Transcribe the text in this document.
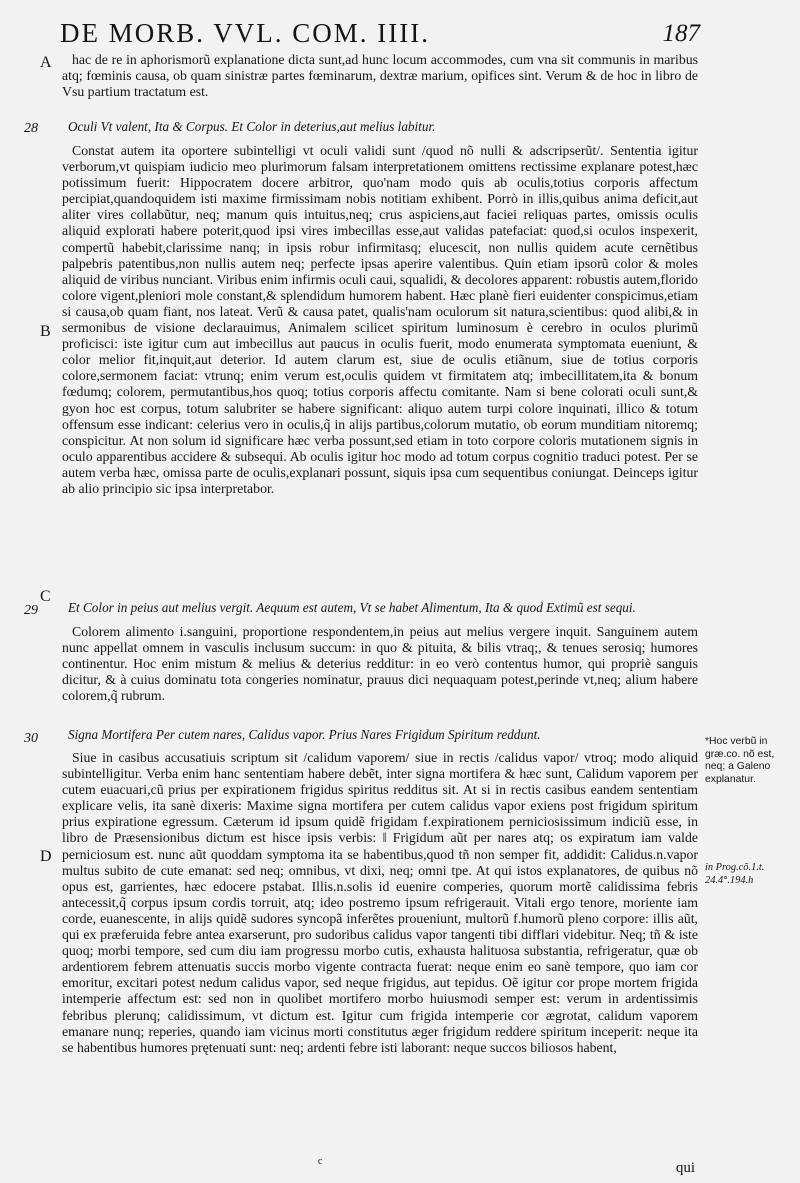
DE MORB. VVL. COM. IIII.	187
A	hac de re in aphorismorũ explanatione dicta sunt,ad hunc locum accommodes, cum vna sit communis in maribus atq; fœminis causa, ob quam sinistræ partes fœminarum, dextræ marium, opifices sint. Verum & de hoc in libro de Vsu partium tractatum est.

28 Oculi Vt valent, Ita & Corpus. Et Color in deterius,aut melius labitur.

B

Constat autem ita oportere subintelligi vt oculi validi sunt /quod nõ nulli & adscripserũt/. Sententia igitur verborum,vt quispiam iudicio meo plurimorum falsam interpretationem omittens rectissime explanare potest,hæc potissimum fuerit: Hippocratem docere arbitror, quo'nam modo quis ab oculis,totius corporis affectum percipiat,quandoquidem isti maxime firmissimam nobis notitiam exhibent. Porrò in illis,quibus anima deficit,aut aliter vires collabũtur, neq; manum quis intuitus,neq; crus aspiciens,aut faciei reliquas partes, omissis oculis aliquid explorati habere poterit,quod ipsi vires imbecillas esse,aut validas patefaciat: quod,si oculos inspexerit, compertũ habebit,clarissime nanq; in ipsis robur infirmitasq; elucescit, non nullis quidem acute cernẽtibus palpebris patentibus,non nullis autem neq; perfecte ipsas aperire valentibus. Quin etiam ipsorũ color & moles aliquid de viribus nunciant. Viribus enim infirmis oculi caui, squalidi, & decolores apparent: robustis autem,florido colore vigent,pleniori mole constant,& splendidum humorem habent. Hæc planè fieri euidenter conspicimus,etiam si causa,ob quam fiant, nos lateat. Verũ & causa patet, qualis'nam oculorum sit natura,scientibus: quod alibi,& in sermonibus de visione declarauimus, Animalem scilicet spiritum luminosum è cerebro in oculos plurimũ proficisci: iste igitur cum aut imbecillus aut paucus in oculis fuerit, modo enumerata symptomata eueniunt, & color melior fit,inquit,aut deterior. Id autem clarum est, siue de oculis etiãnum, siue de totius corporis colore,sermonem faciat: vtrunq; enim verum est,oculis quidem vt firmitatem atq; imbecillitatem,ita & bonum fœdumq; colorem, permutantibus,hos quoq; totius corporis affectu comitante. Nam si bene colorati oculi sunt,& gyon hoc est corpus, totum salubriter se habere significant: aliquo autem turpi colore inquinati, illico & totum offensum esse indicant: celerius vero in oculis,q̃ in alijs partibus,colorum mutatio, ob eorum munditiam nitoremq; conspicitur. At non solum id significare hæc verba possunt,sed etiam in toto corpore coloris mutationem signis in oculo apparentibus accidere & subsequi. Ab oculis igitur hoc modo ad totum corpus cognitio traduci potest. Per se autem verba hæc, omissa parte de oculis,explanari possunt, siquis ipsa cum sequentibus coniungat. Deinceps igitur ab alio principio sic ipsa interpretabor.

C
29 Et Color in peius aut melius vergit. Aequum est autem, Vt se habet Alimentum, Ita & quod Extimũ est sequi.

Colorem alimento i.sanguini, proportione respondentem,in peius aut melius vergere inquit. Sanguinem autem nunc appellat omnem in vasculis inclusum succum: in quo & pituita, & bilis vtraq;, & tenues serosiq; humores continentur. Hoc enim mistum & melius & deterius redditur: in eo verò contentus humor, qui propriè sanguis dicitur, & à cuius dominatu tota congeries nominatur, prauus dici nequaquam potest,perinde vt,neq; alium habere colorem,q̃ rubrum.

30 Signa Mortifera Per cutem nares, Calidus vapor. Prius Nares Frigidum Spiritum reddunt.

D

Siue in casibus accusatiuis scriptum sit /calidum vaporem/ siue in rectis /calidus vapor/ vtroq; modo aliquid subintelligitur. Verba enim hanc sententiam habere debẽt, inter signa mortifera & hæc sunt, Calidum vaporem per cutem euacuari,cũ prius per expirationem frigidus spiritus redditus sit. At si in rectis casibus eandem sententiam explicare velis, ita sanè dixeris: Maxime signa mortifera per cutem calidus vapor exiens post frigidum spiritum prius expiratione egressum. Cæterum id ipsum quidẽ frigidam f.expirationem perniciosissimum indiciũ esse, in libro de Præsensionibus dictum est hisce ipsis verbis: ‖ Frigidum aũt per nares atq; os expiratum iam valde perniciosum est. nunc aũt quoddam symptoma ita se habentibus,quod tñ non semper fit, addidit: Calidus.n.vapor multus subito de cute emanat: sed neq; omnibus, vt dixi, neq; omni tpe. At qui istos explanatores, de quibus nõ opus est, garrientes, hæc edocere pstabat. Illis.n.solis id euenire comperies, quorum mortẽ calidissima febris antecessit,q̃ corpus ipsum cordis torruit, atq; ideo postremo ipsum refrigerauit. Vitali ergo tenore, moriente iam corde, euanescente, in alijs quidẽ sudores syncopã inferẽtes proueniunt, multorũ f.humorũ pleno corpore: illis aũt, qui ex præferuida febre antea exarserunt, pro sudoribus calidus vapor tangenti tibi difflari videbitur. Neq; tñ & iste quoq; morbi tempore, sed cum diu iam progressu morbo cutis, exhausta halituosa substantia, refrigeratur, quæ ob ardentiorem febrem attenuatis succis morbo vigente contracta fuerat: neque enim eo sanè tempore, quo iam cor emoritur, excitari potest nedum calidus vapor, sed neque frigidus, aut tepidus. Oẽ igitur cor prope mortem frigida intemperie affectum est: sed non in quolibet mortifero morbo huiusmodi semper est: verum in ardentissimis febribus plerunq; calidissimum, vt dictum est. Igitur cum frigida intemperie cor ægrotat, calidum vaporem emanare nunq; reperies, quando iam vicinus morti constitutus æger frigidum reddere spiritum inceperit: neque ita se habentibus humores prętenuati sunt: neq; ardenti febre isti laborant: neque succos biliosos habent,

*Hoc verbũ in græ.co. nõ est, neq; a Galeno explanatur.

in Prog.cõ.1.t. 24.4°.194.h

c	qui
